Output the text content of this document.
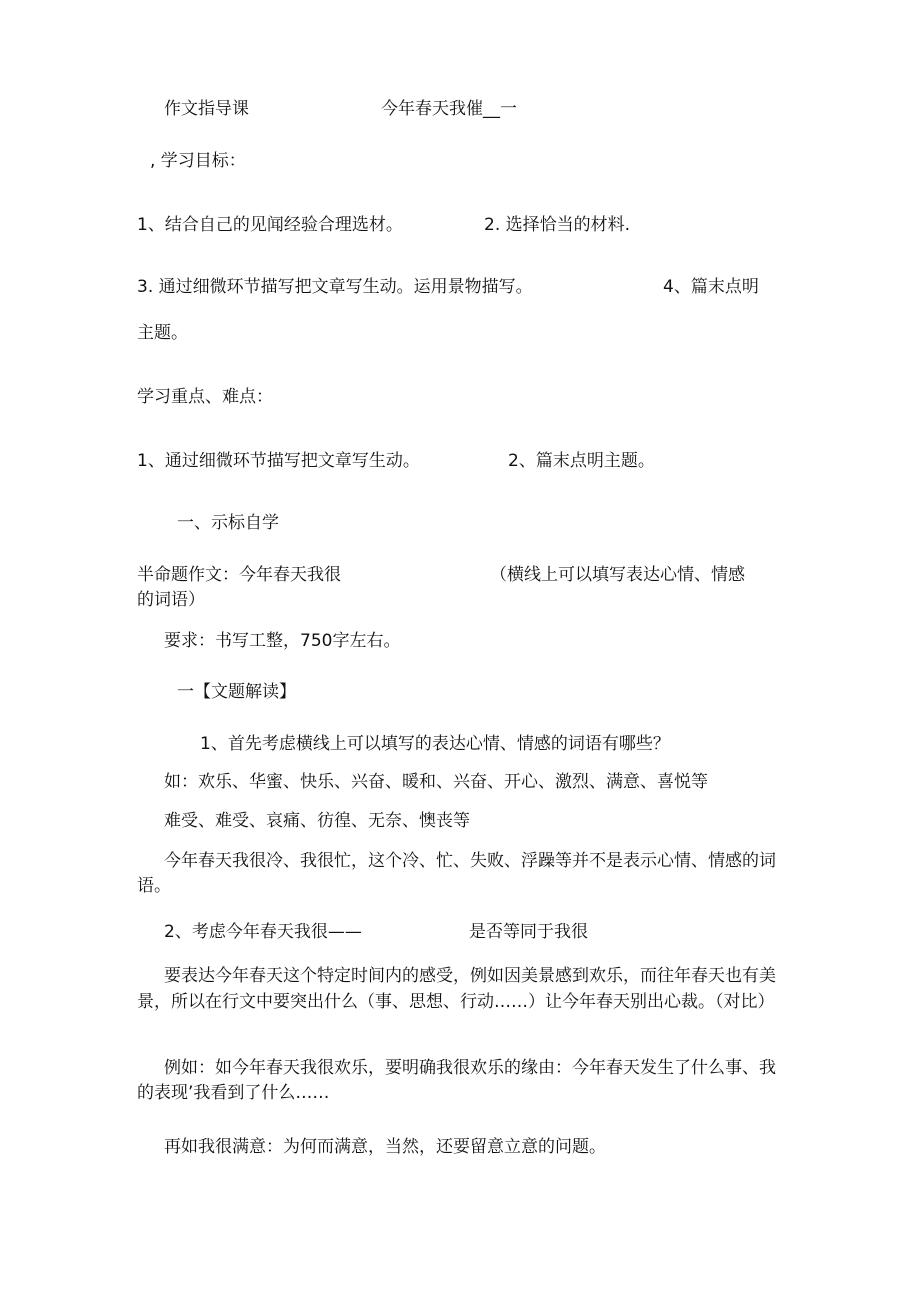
作文指导课	今年春天我催__一
, 学习目标：
1、结合自己的见闻经验合理选材。	2. 选择恰当的材料.
3. 通过细微环节描写把文章写生动。运用景物描写。	4、篇末点明
主题。
学习重点、难点：
1、通过细微环节描写把文章写生动。	2、篇末点明主题。
一、示标自学
半命题作文：今年春天我很	（横线上可以填写表达心情、情感
的词语）
要求：书写工整，750字左右。
一【文题解读】
1、首先考虑横线上可以填写的表达心情、情感的词语有哪些？
如：欢乐、华蜜、快乐、兴奋、暖和、兴奋、开心、激烈、满意、喜悦等
难受、难受、哀痛、彷徨、无奈、懊丧等
今年春天我很冷、我很忙，这个冷、忙、失败、浮躁等并不是表示心情、情感的词语。
2、考虑今年春天我很——	是否等同于我很
要表达今年春天这个特定时间内的感受，例如因美景感到欢乐，而往年春天也有美景，所以在行文中要突出什么（事、思想、行动……）让今年春天别出心裁。（对比）
例如：如今年春天我很欢乐，要明确我很欢乐的缘由：今年春天发生了什么事、我的表现’我看到了什么……
再如我很满意：为何而满意，当然，还要留意立意的问题。
